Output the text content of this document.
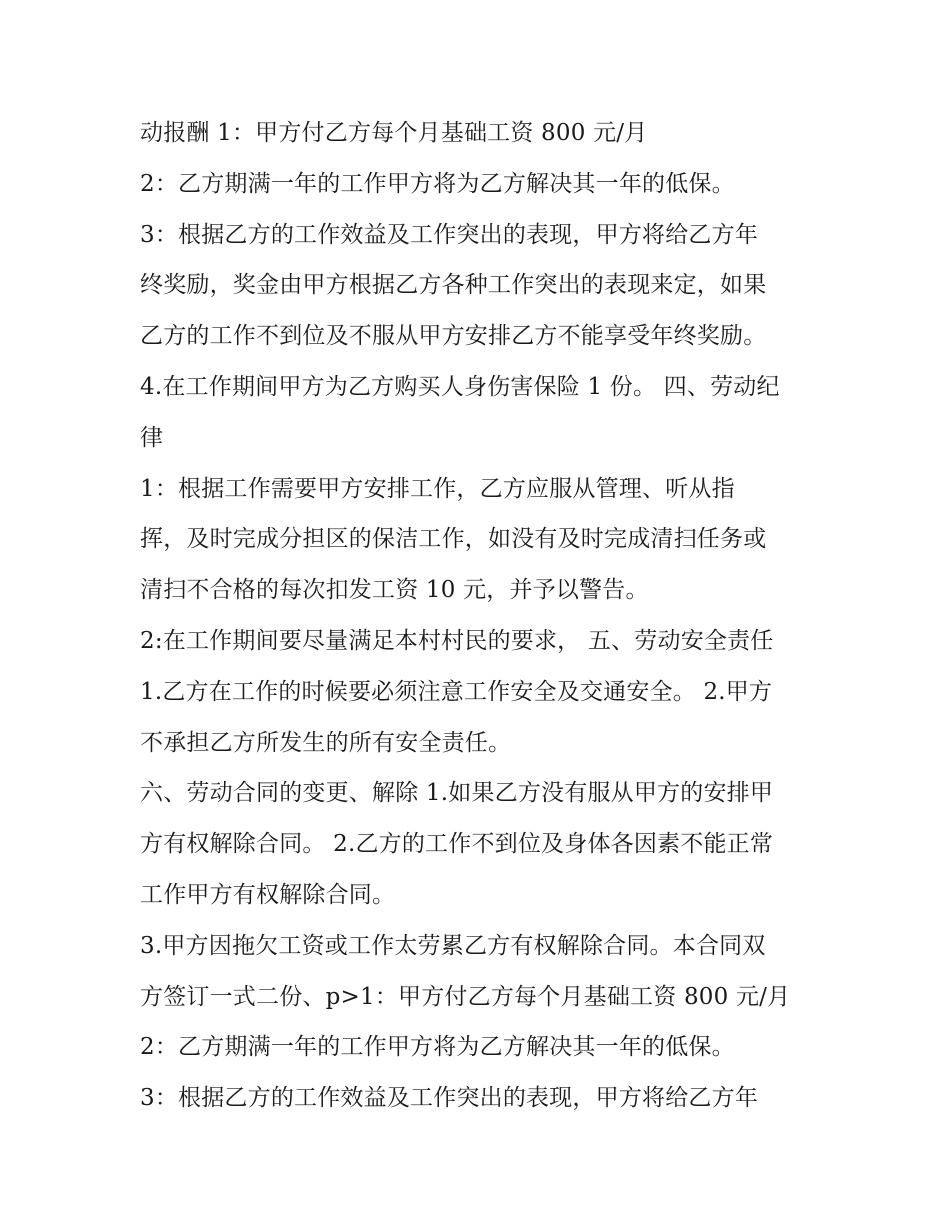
动报酬 1：甲方付乙方每个月基础工资 800 元/月
2：乙方期满一年的工作甲方将为乙方解决其一年的低保。
3：根据乙方的工作效益及工作突出的表现，甲方将给乙方年
终奖励，奖金由甲方根据乙方各种工作突出的表现来定，如果
乙方的工作不到位及不服从甲方安排乙方不能享受年终奖励。
4.在工作期间甲方为乙方购买人身伤害保险 1 份。 四、劳动纪
律
1：根据工作需要甲方安排工作，乙方应服从管理、听从指
挥，及时完成分担区的保洁工作，如没有及时完成清扫任务或
清扫不合格的每次扣发工资 10 元，并予以警告。
2:在工作期间要尽量满足本村村民的要求， 五、劳动安全责任
1.乙方在工作的时候要必须注意工作安全及交通安全。 2.甲方
不承担乙方所发生的所有安全责任。
六、劳动合同的变更、解除 1.如果乙方没有服从甲方的安排甲
方有权解除合同。 2.乙方的工作不到位及身体各因素不能正常
工作甲方有权解除合同。
3.甲方因拖欠工资或工作太劳累乙方有权解除合同。本合同双
方签订一式二份、p>1：甲方付乙方每个月基础工资 800 元/月
2：乙方期满一年的工作甲方将为乙方解决其一年的低保。
3：根据乙方的工作效益及工作突出的表现，甲方将给乙方年
